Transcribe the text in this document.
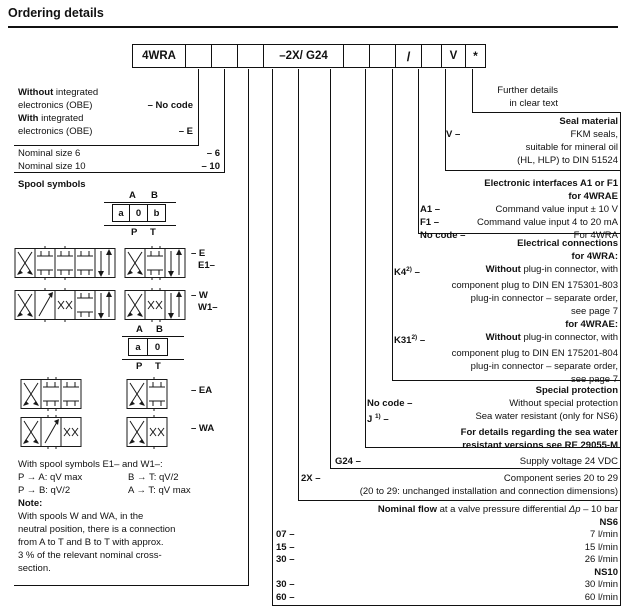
Ordering details
4WRA	–2X/ G24	/	V	*
Without integrated
electronics (OBE)	– No code
With integrated
electronics (OBE)	– E
Nominal size 6	– 6
Nominal size 10	– 10
Spool symbols
A B
a	0	b
P T
– E
E1–
– W
W1–
A B
a	0
P T
– EA
– WA
With spool symbols E1– and W1–:
P → A: qV max	B → T: qV/2
P → B: qV/2	A → T: qV max
Note:
With spools W and WA, in the
neutral position, there is a connection
from A to T and B to T with approx.
3 % of the relevant nominal cross-
section.
Further details
in clear text
Seal material
V –	FKM seals,
suitable for mineral oil
(HL, HLP) to DIN 51524
Electronic interfaces A1 or F1
for 4WRAE
A1 –	Command value input ± 10 V
F1 –	Command value input 4 to 20 mA
No code –	For 4WRA
Electrical connections
for 4WRA:
K4$^{2)}$ –	Without plug-in connector, with
component plug to DIN EN 175301-803
plug-in connector – separate order,
see page 7
for 4WRAE:
K31$^{2)}$ –	Without plug-in connector, with
component plug to DIN EN 175201-804
plug-in connector – separate order,
see page 7
Special protection
No code –	Without special protection
J $^{1)}$ –	Sea water resistant (only for NS6)
For details regarding the sea water
resistant versions see RE 29055-M
G24 –	Supply voltage 24 VDC
2X –	Component series 20 to 29
(20 to 29: unchanged installation and connection dimensions)
Nominal flow at a valve pressure differential Δp – 10 bar
NS6
07 –	7 l/min
15 –	15 l/min
30 –	26 l/min
NS10
30 –	30 l/min
60 –	60 l/min
